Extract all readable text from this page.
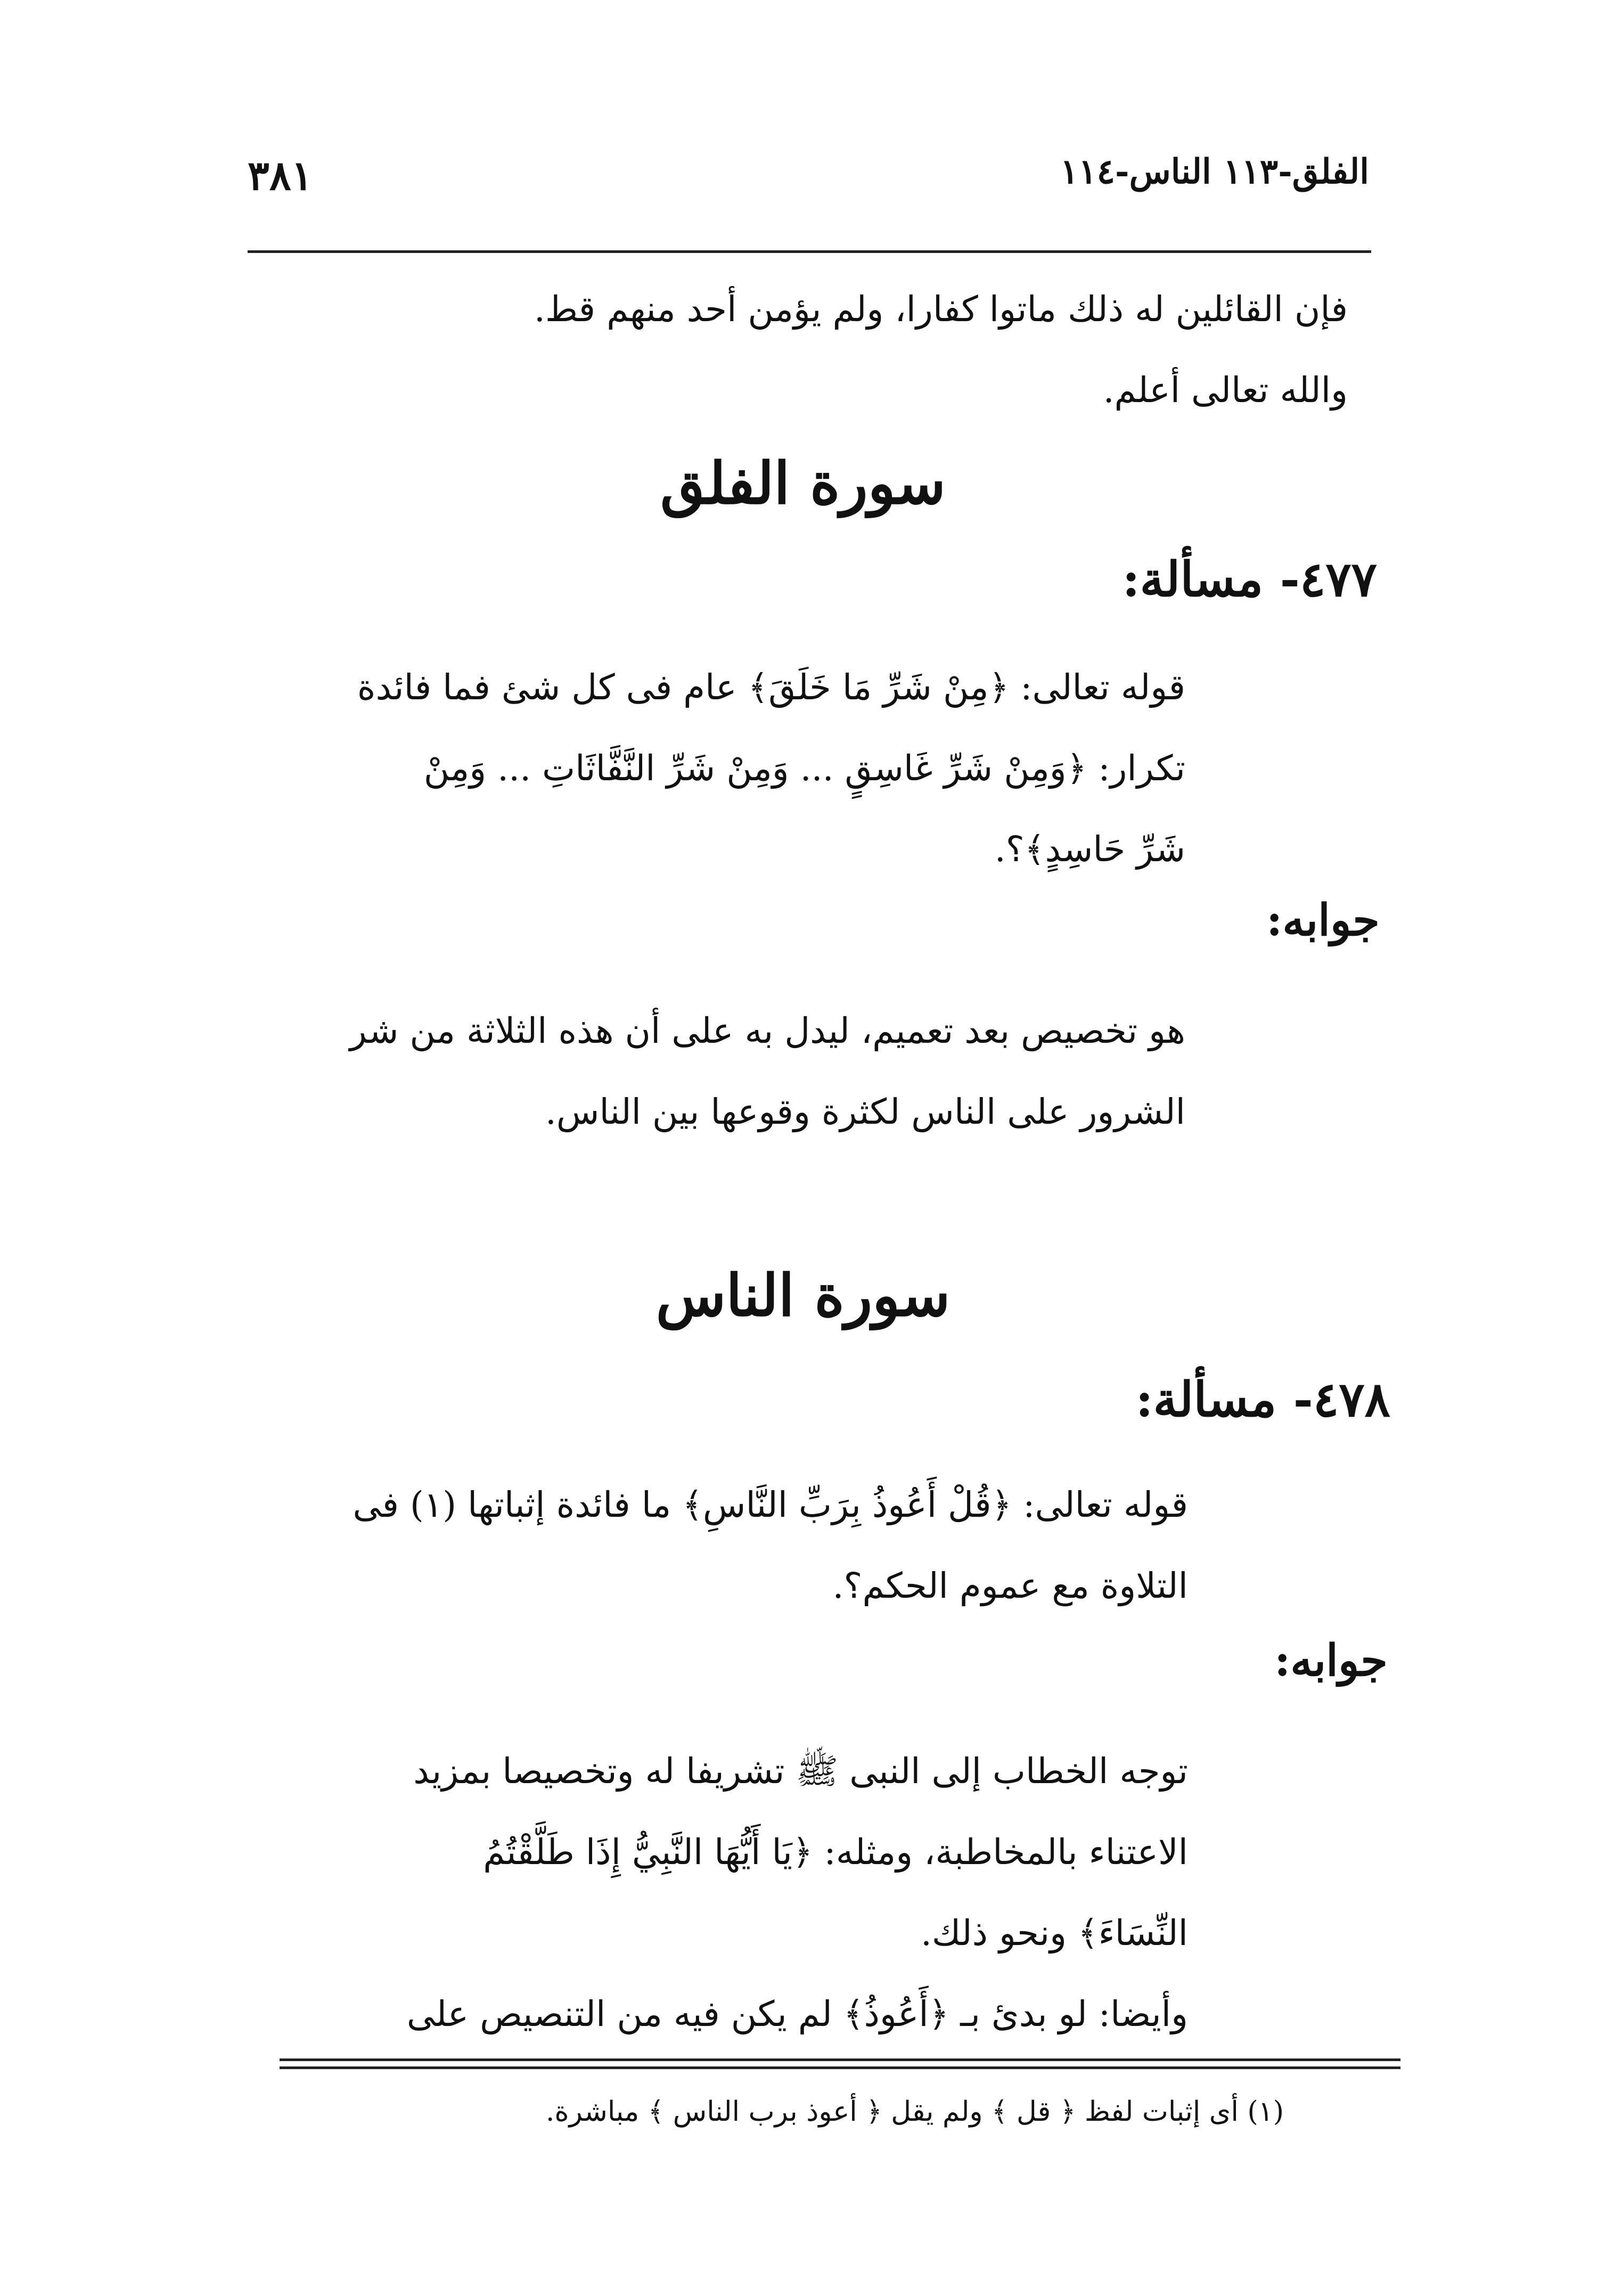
الفلق-١١٣ الناس-١١٤
٣٨١
فإن القائلين له ذلك ماتوا كفارا، ولم يؤمن أحد منهم قط.
والله تعالى أعلم.
سورة الفلق
٤٧٧- مسألة:
قوله تعالى: ﴿مِنْ شَرِّ مَا خَلَقَ﴾ عام فى كل شئ فما فائدة
تكرار: ﴿وَمِنْ شَرِّ غَاسِقٍ ... وَمِنْ شَرِّ النَّفَّاثَاتِ ... وَمِنْ
شَرِّ حَاسِدٍ﴾؟.
جوابه:
هو تخصيص بعد تعميم، ليدل به على أن هذه الثلاثة من شر
الشرور على الناس لكثرة وقوعها بين الناس.
سورة الناس
٤٧٨- مسألة:
قوله تعالى: ﴿قُلْ أَعُوذُ بِرَبِّ النَّاسِ﴾ ما فائدة إثباتها (١) فى
التلاوة مع عموم الحكم؟.
جوابه:
توجه الخطاب إلى النبى ﷺ تشريفا له وتخصيصا بمزيد
الاعتناء بالمخاطبة، ومثله: ﴿يَا أَيُّهَا النَّبِيُّ إِذَا طَلَّقْتُمُ
النِّسَاءَ﴾ ونحو ذلك.
وأيضا: لو بدئ بـ ﴿أَعُوذُ﴾ لم يكن فيه من التنصيص على
(١) أى إثبات لفظ ﴿ قل ﴾ ولم يقل ﴿ أعوذ برب الناس ﴾ مباشرة.
